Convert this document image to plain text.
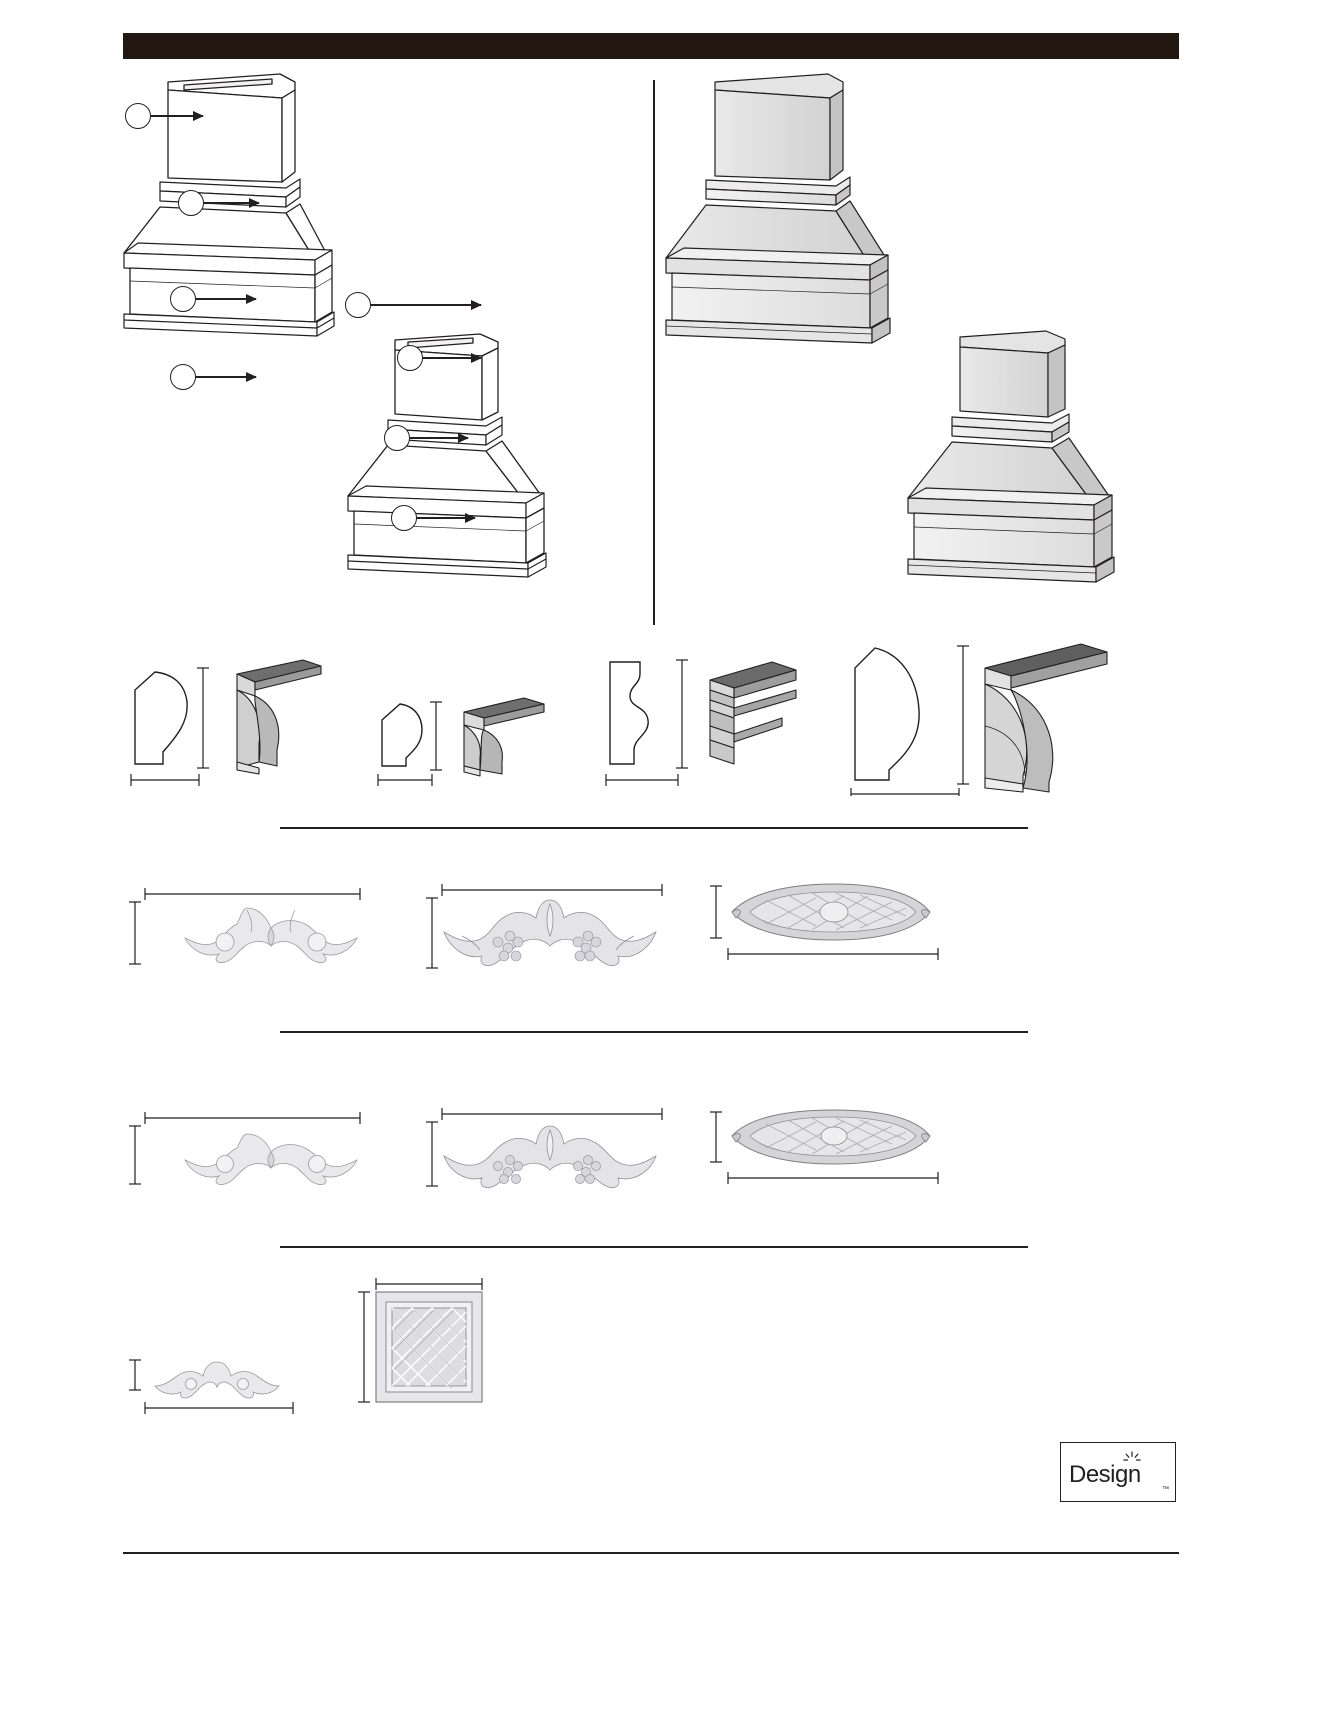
Design
™
